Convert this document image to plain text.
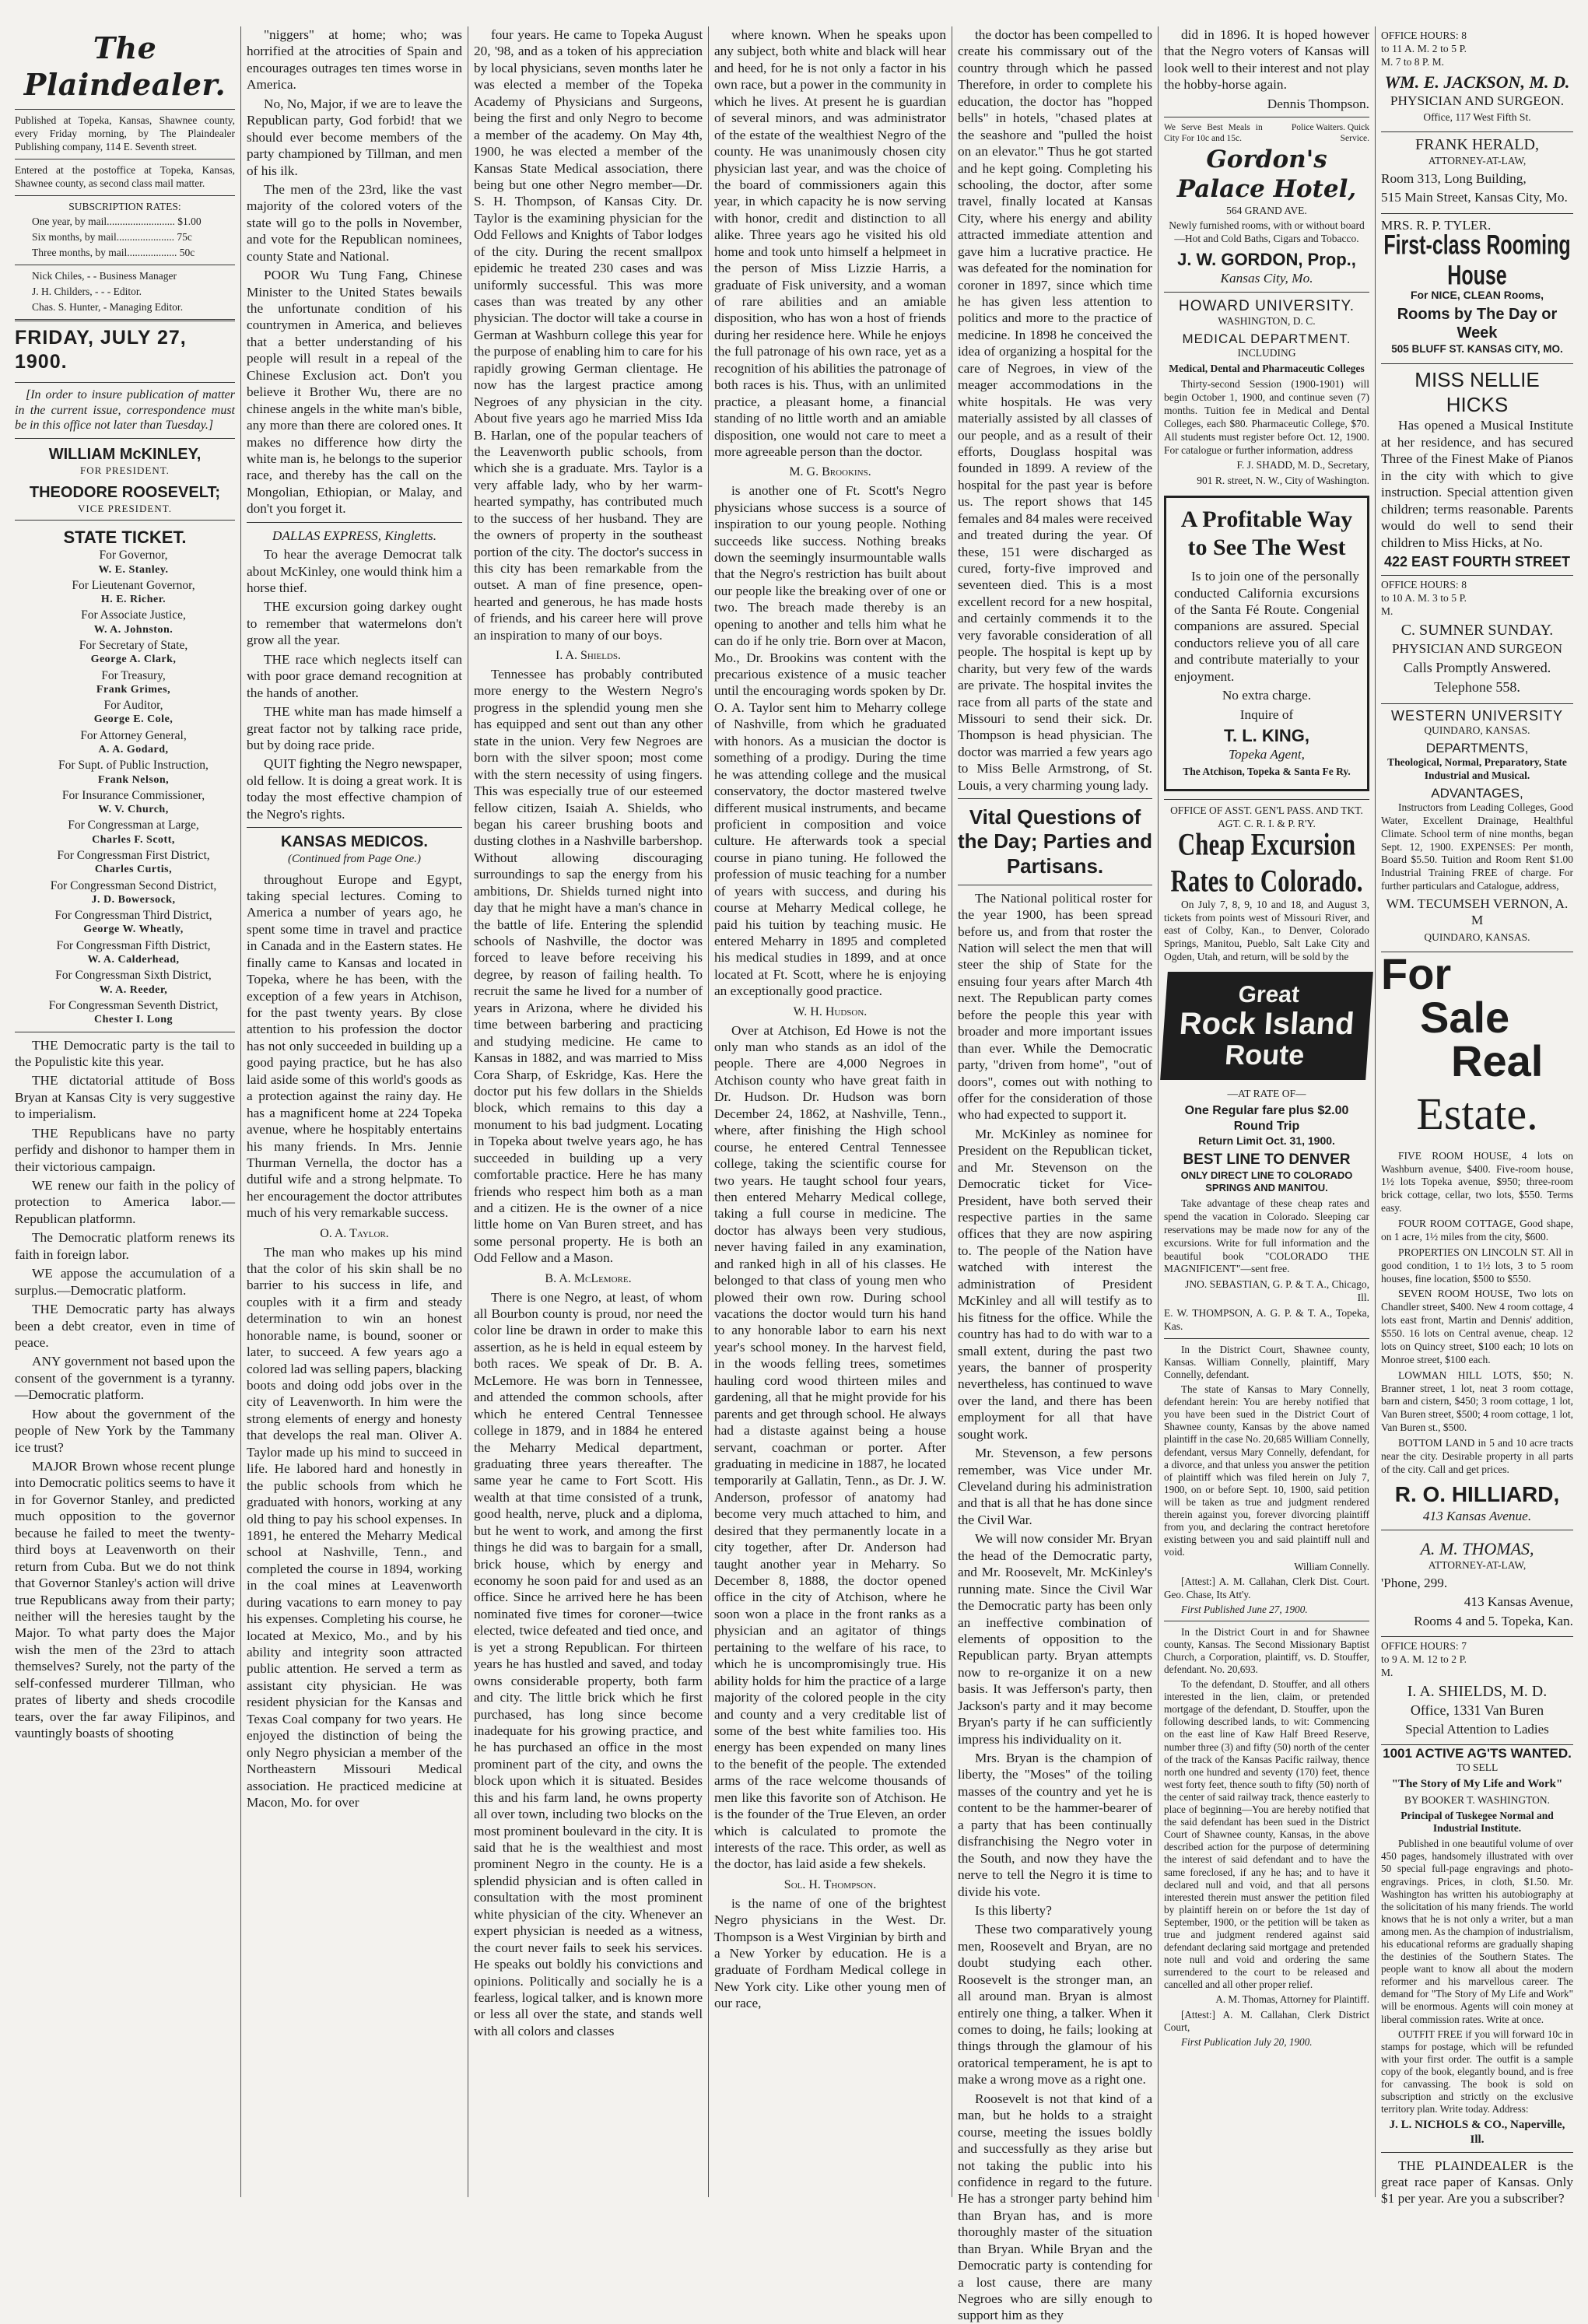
The Plaindealer.

Published at Topeka, Kansas, Shawnee county, every Friday morning, by The Plaindealer Publishing company, 114 E. Seventh street.

Entered at the postoffice at Topeka, Kansas, Shawnee county, as second class mail matter.

SUBSCRIPTION RATES:

One year, by mail.......................... $1.00

Six months, by mail...................... 75c

Three months, by mail................... 50c

Nick Chiles, - - Business Manager

J. H. Childers, - - - Editor.

Chas. S. Hunter, - Managing Editor.

FRIDAY, JULY 27, 1900.

[In order to insure publication of matter in the current issue, correspondence must be in this office not later than Tuesday.]

WILLIAM McKINLEY,
FOR PRESIDENT.
THEODORE ROOSEVELT;
VICE PRESIDENT.
STATE TICKET.

For Governor,

W. E. Stanley.

For Lieutenant Governor,

H. E. Richer.

For Associate Justice,

W. A. Johnston.

For Secretary of State,

George A. Clark,

For Treasury,

Frank Grimes,

For Auditor,

George E. Cole,

For Attorney General,

A. A. Godard,

For Supt. of Public Instruction,

Frank Nelson,

For Insurance Commissioner,

W. V. Church,

For Congressman at Large,

Charles F. Scott,

For Congressman First District,

Charles Curtis,

For Congressman Second District,

J. D. Bowersock,

For Congressman Third District,

George W. Wheatly,

For Congressman Fifth District,

W. A. Calderhead,

For Congressman Sixth District,

W. A. Reeder,

For Congressman Seventh District,

Chester I. Long

THE Democratic party is the tail to the Populistic kite this year.

THE dictatorial attitude of Boss Bryan at Kansas City is very suggestive to imperialism.

THE Republicans have no party perfidy and dishonor to hamper them in their victorious campaign.

WE renew our faith in the policy of protection to America labor.—Republican platformn.

The Democratic platform renews its faith in foreign labor.

WE appose the accumulation of a surplus.—Democratic platform.

THE Democratic party has always been a debt creator, even in time of peace.

ANY government not based upon the consent of the government is a tyranny.—Democratic platform.

How about the government of the people of New York by the Tammany ice trust?

MAJOR Brown whose recent plunge into Democratic politics seems to have it in for Governor Stanley, and predicted much opposition to the governor because he failed to meet the twenty-third boys at Leavenworth on their return from Cuba. But we do not think that Governor Stanley's action will drive true Republicans away from their party; neither will the heresies taught by the Major. To what party does the Major wish the men of the 23rd to attach themselves? Surely, not the party of the self-confessed murderer Tillman, who prates of liberty and sheds crocodile tears, over the far away Filipinos, and vauntingly boasts of shooting

"niggers" at home; who; was horrified at the atrocities of Spain and encourages outrages ten times worse in America.

No, No, Major, if we are to leave the Republican party, God forbid! that we should ever become members of the party championed by Tillman, and men of his ilk.

The men of the 23rd, like the vast majority of the colored voters of the state will go to the polls in November, and vote for the Republican nominees, county State and National.

POOR Wu Tung Fang, Chinese Minister to the United States bewails the unfortunate condition of his countrymen in America, and believes that a better understanding of his people will result in a repeal of the Chinese Exclusion act. Don't you believe it Brother Wu, there are no chinese angels in the white man's bible, any more than there are colored ones. It makes no difference how dirty the white man is, he belongs to the superior race, and thereby has the call on the Mongolian, Ethiopian, or Malay, and don't you forget it.

DALLAS EXPRESS, Kingletts.

To hear the average Democrat talk about McKinley, one would think him a horse thief.

THE excursion going darkey ought to remember that watermelons don't grow all the year.

THE race which neglects itself can with poor grace demand recognition at the hands of another.

THE white man has made himself a great factor not by talking race pride, but by doing race pride.

QUIT fighting the Negro newspaper, old fellow. It is doing a great work. It is today the most effective champion of the Negro's rights.

KANSAS MEDICOS.
(Continued from Page One.)

throughout Europe and Egypt, taking special lectures. Coming to America a number of years ago, he spent some time in travel and practice in Canada and in the Eastern states. He finally came to Kansas and located in Topeka, where he has been, with the exception of a few years in Atchison, for the past twenty years. By close attention to his profession the doctor has not only succeeded in building up a good paying practice, but he has also laid aside some of this world's goods as a protection against the rainy day. He has a magnificent home at 224 Topeka avenue, where he hospitably entertains his many friends. In Mrs. Jennie Thurman Vernella, the doctor has a dutiful wife and a strong helpmate. To her encouragement the doctor attributes much of his very remarkable success.

O. A. Taylor.

The man who makes up his mind that the color of his skin shall be no barrier to his success in life, and couples with it a firm and steady determination to win an honest honorable name, is bound, sooner or later, to succeed. A few years ago a colored lad was selling papers, blacking boots and doing odd jobs over in the city of Leavenworth. In him were the strong elements of energy and honesty that develops the real man. Oliver A. Taylor made up his mind to succeed in life. He labored hard and honestly in the public schools from which he graduated with honors, working at any old thing to pay his school expenses. In 1891, he entered the Meharry Medical school at Nashville, Tenn., and completed the course in 1894, working in the coal mines at Leavenworth during vacations to earn money to pay his expenses. Completing his course, he located at Mexico, Mo., and by his ability and integrity soon attracted public attention. He served a term as assistant city physician. He was resident physician for the Kansas and Texas Coal company for two years. He enjoyed the distinction of being the only Negro physician a member of the Northeastern Missouri Medical association. He practiced medicine at Macon, Mo. for over

four years. He came to Topeka August 20, '98, and as a token of his appreciation by local physicians, seven months later he was elected a member of the Topeka Academy of Physicians and Surgeons, being the first and only Negro to become a member of the academy. On May 4th, 1900, he was elected a member of the Kansas State Medical association, there being but one other Negro member—Dr. S. H. Thompson, of Kansas City. Dr. Taylor is the examining physician for the Odd Fellows and Knights of Tabor lodges of the city. During the recent smallpox epidemic he treated 230 cases and was uniformly successful. This was more cases than was treated by any other physician. The doctor will take a course in German at Washburn college this year for the purpose of enabling him to care for his rapidly growing German clientage. He now has the largest practice among Negroes of any physician in the city. About five years ago he married Miss Ida B. Harlan, one of the popular teachers of the Leavenworth public schools, from which she is a graduate. Mrs. Taylor is a very affable lady, who by her warm-hearted sympathy, has contributed much to the success of her husband. They are the owners of property in the southeast portion of the city. The doctor's success in this city has been remarkable from the outset. A man of fine presence, open-hearted and generous, he has made hosts of friends, and his career here will prove an inspiration to many of our boys.

I. A. Shields.

Tennessee has probably contributed more energy to the Western Negro's progress in the splendid young men she has equipped and sent out than any other state in the union. Very few Negroes are born with the silver spoon; most come with the stern necessity of using fingers. This was especially true of our esteemed fellow citizen, Isaiah A. Shields, who began his career brushing boots and dusting clothes in a Nashville barbershop. Without allowing discouraging surroundings to sap the energy from his ambitions, Dr. Shields turned night into day that he might have a man's chance in the battle of life. Entering the splendid schools of Nashville, the doctor was forced to leave before receiving his degree, by reason of failing health. To recruit the same he lived for a number of years in Arizona, where he divided his time between barbering and practicing and studying medicine. He came to Kansas in 1882, and was married to Miss Cora Sharp, of Eskridge, Kas. Here the doctor put his few dollars in the Shields block, which remains to this day a monument to his bad judgment. Locating in Topeka about twelve years ago, he has succeeded in building up a very comfortable practice. Here he has many friends who respect him both as a man and a citizen. He is the owner of a nice little home on Van Buren street, and has some personal property. He is both an Odd Fellow and a Mason.

B. A. McLemore.

There is one Negro, at least, of whom all Bourbon county is proud, nor need the color line be drawn in order to make this assertion, as he is held in equal esteem by both races. We speak of Dr. B. A. McLemore. He was born in Tennessee, and attended the common schools, after which he entered Central Tennessee college in 1879, and in 1884 he entered the Meharry Medical department, graduating three years thereafter. The same year he came to Fort Scott. His wealth at that time consisted of a trunk, good health, nerve, pluck and a diploma, but he went to work, and among the first things he did was to bargain for a small, brick house, which by energy and economy he soon paid for and used as an office. Since he arrived here he has been nominated five times for coroner—twice elected, twice defeated and tied once, and is yet a strong Republican. For thirteen years he has hustled and saved, and today owns considerable property, both farm and city. The little brick which he first purchased, has long since become inadequate for his growing practice, and he has purchased an office in the most prominent part of the city, and owns the block upon which it is situated. Besides this and his farm land, he owns property all over town, including two blocks on the most prominent boulevard in the city. It is said that he is the wealthiest and most prominent Negro in the county. He is a splendid physician and is often called in consultation with the most prominent white physician of the city. Whenever an expert physician is needed as a witness, the court never fails to seek his services. He speaks out boldly his convictions and opinions. Politically and socially he is a fearless, logical talker, and is known more or less all over the state, and stands well with all colors and classes

where known. When he speaks upon any subject, both white and black will hear and heed, for he is not only a factor in his own race, but a power in the community in which he lives. At present he is guardian of several minors, and was administrator of the estate of the wealthiest Negro of the county. He was unanimously chosen city physician last year, and was the choice of the board of commissioners again this year, in which capacity he is now serving with honor, credit and distinction to all alike. Three years ago he visited his old home and took unto himself a helpmeet in the person of Miss Lizzie Harris, a graduate of Fisk university, and a woman of rare abilities and an amiable disposition, who has won a host of friends during her residence here. While he enjoys the full patronage of his own race, yet as a recognition of his abilities the patronage of both races is his. Thus, with an unlimited practice, a pleasant home, a financial standing of no little worth and an amiable disposition, one would not care to meet a more agreeable person than the doctor.

M. G. Brookins.

is another one of Ft. Scott's Negro physicians whose success is a source of inspiration to our young people. Nothing succeeds like success. Nothing breaks down the seemingly insurmountable walls that the Negro's restriction has built about our people like the breaking over of one or two. The breach made thereby is an opening to another and tells him what he can do if he only trie. Born over at Macon, Mo., Dr. Brookins was content with the precarious existence of a music teacher until the encouraging words spoken by Dr. O. A. Taylor sent him to Meharry college of Nashville, from which he graduated with honors. As a musician the doctor is something of a prodigy. During the time he was attending college and the musical conservatory, the doctor mastered twelve different musical instruments, and became proficient in composition and voice culture. He afterwards took a special course in piano tuning. He followed the profession of music teaching for a number of years with success, and during his course at Meharry Medical college, he paid his tuition by teaching music. He entered Meharry in 1895 and completed his medical studies in 1899, and at once located at Ft. Scott, where he is enjoying an exceptionally good practice.

W. H. Hudson.

Over at Atchison, Ed Howe is not the only man who stands as an idol of the people. There are 4,000 Negroes in Atchison county who have great faith in Dr. Hudson. Dr. Hudson was born December 24, 1862, at Nashville, Tenn., where, after finishing the High school course, he entered Central Tennessee college, taking the scientific course for two years. He taught school four years, then entered Meharry Medical college, taking a full course in medicine. The doctor has always been very studious, never having failed in any examination, and ranked high in all of his classes. He belonged to that class of young men who plowed their own row. During school vacations the doctor would turn his hand to any honorable labor to earn his next year's school money. In the harvest field, in the woods felling trees, sometimes hauling cord wood thirteen miles and gardening, all that he might provide for his parents and get through school. He always had a distaste against being a house servant, coachman or porter. After graduating in medicine in 1887, he located temporarily at Gallatin, Tenn., as Dr. J. W. Anderson, professor of anatomy had become very much attached to him, and desired that they permanently locate in a city together, after Dr. Anderson had taught another year in Meharry. So December 8, 1888, the doctor opened office in the city of Atchison, where he soon won a place in the front ranks as a physician and an agitator of things pertaining to the welfare of his race, to which he is uncompromisingly true. His ability holds for him the practice of a large majority of the colored people in the city and county and a very creditable list of some of the best white families too. His energy has been expended on many lines to the benefit of the people. The extended arms of the race welcome thousands of men like this favorite son of Atchison. He is the founder of the True Eleven, an order which is calculated to promote the interests of the race. This order, as well as the doctor, has laid aside a few shekels.

Sol. H. Thompson.

is the name of one of the brightest Negro physicians in the West. Dr. Thompson is a West Virginian by birth and a New Yorker by education. He is a graduate of Fordham Medical college in New York city. Like other young men of our race,

the doctor has been compelled to create his commissary out of the country through which he passed Therefore, in order to complete his education, the doctor has "hopped bells" in hotels, "chased plates at the seashore and "pulled the hoist on an elevator." Thus he got started and he kept going. Completing his schooling, the doctor, after some travel, finally located at Kansas City, where his energy and ability attracted immediate attention and gave him a lucrative practice. He was defeated for the nomination for coroner in 1897, since which time he has given less attention to politics and more to the practice of medicine. In 1898 he conceived the idea of organizing a hospital for the care of Negroes, in view of the meager accommodations in the white hospitals. He was very materially assisted by all classes of our people, and as a result of their efforts, Douglass hospital was founded in 1899. A review of the hospital for the past year is before us. The report shows that 145 females and 84 males were received and treated during the year. Of these, 151 were discharged as cured, forty-five improved and seventeen died. This is a most excellent record for a new hospital, and certainly commends it to the very favorable consideration of all people. The hospital is kept up by charity, but very few of the wards are private. The hospital invites the race from all parts of the state and Missouri to send their sick. Dr. Thompson is head physician. The doctor was married a few years ago to Miss Belle Armstrong, of St. Louis, a very charming young lady.

Vital Questions of the Day; Parties and Partisans.

The National political roster for the year 1900, has been spread before us, and from that roster the Nation will select the men that will steer the ship of State for the ensuing four years after March 4th next. The Republican party comes before the people this year with broader and more important issues than ever. While the Democratic party, "driven from home", "out of doors", comes out with nothing to offer for the consideration of those who had expected to support it.

Mr. McKinley as nominee for President on the Republican ticket, and Mr. Stevenson on the Democratic ticket for Vice-President, have both served their respective parties in the same offices that they are now aspiring to. The people of the Nation have watched with interest the administration of President McKinley and all will testify as to his fitness for the office. While the country has had to do with war to a small extent, during the past two years, the banner of prosperity nevertheless, has continued to wave over the land, and there has been employment for all that have sought work.

Mr. Stevenson, a few persons remember, was Vice under Mr. Cleveland during his administration and that is all that he has done since the Civil War.

We will now consider Mr. Bryan the head of the Democratic party, and Mr. Roosevelt, Mr. McKinley's running mate. Since the Civil War the Democratic party has been only an ineffective combination of elements of opposition to the Republican party. Bryan attempts now to re-organize it on a new basis. It was Jefferson's party, then Jackson's party and it may become Bryan's party if he can sufficiently impress his individuality on it.

Mrs. Bryan is the champion of liberty, the "Moses" of the toiling masses of the country and yet he is content to be the hammer-bearer of a party that has been continually disfranchising the Negro voter in the South, and now they have the nerve to tell the Negro it is time to divide his vote.

Is this liberty?

These two comparatively young men, Roosevelt and Bryan, are no doubt studying each other. Roosevelt is the stronger man, an all around man. Bryan is almost entirely one thing, a talker. When it comes to doing, he fails; looking at things through the glamour of his oratorical temperament, he is apt to make a wrong move as a right one.

Roosevelt is not that kind of a man, but he holds to a straight course, meeting the issues boldly and successfully as they arise but not taking the public into his confidence in regard to the future. He has a stronger party behind him than Bryan has, and is more thoroughly master of the situation than Bryan. While Bryan and the Democratic party is contending for a lost cause, there are many Negroes who are silly enough to support him as they

did in 1896. It is hoped however that the Negro voters of Kansas will look well to their interest and not play the hobby-horse again.

Dennis Thompson.

We Serve Best Meals in City For 10c and 15c.
Police Waiters. Quick Service.
Gordon's Palace Hotel,

564 GRAND AVE.

Newly furnished rooms, with or without board—Hot and Cold Baths, Cigars and Tobacco.

J. W. GORDON, Prop.,

Kansas City, Mo.

HOWARD UNIVERSITY.

WASHINGTON, D. C.

MEDICAL DEPARTMENT.

INCLUDING

Medical, Dental and Pharmaceutic Colleges

Thirty-second Session (1900-1901) will begin October 1, 1900, and continue seven (7) months. Tuition fee in Medical and Dental Colleges, each $80. Pharmaceutic College, $70. All students must register before Oct. 12, 1900. For catalogue or further information, address

F. J. SHADD, M. D., Secretary,

901 R. street, N. W., City of Washington.

A Profitable Way to See The West

Is to join one of the personally conducted California excursions of the Santa Fé Route. Congenial companions are assured. Special conductors relieve you of all care and contribute materially to your enjoyment.

No extra charge.

Inquire of

T. L. KING,

Topeka Agent,

The Atchison, Topeka & Santa Fe Ry.

OFFICE OF ASST. GEN'L PASS. AND TKT. AGT. C. R. I. & P. R'Y.

Cheap Excursion Rates to Colorado.

On July 7, 8, 9, 10 and 18, and August 3, tickets from points west of Missouri River, and east of Colby, Kan., to Denver, Colorado Springs, Manitou, Pueblo, Salt Lake City and Ogden, Utah, and return, will be sold by the

Great
Rock Island
Route

—AT RATE OF—

One Regular fare plus $2.00 Round Trip
Return Limit Oct. 31, 1900.
BEST LINE TO DENVER
ONLY DIRECT LINE TO COLORADO SPRINGS AND MANITOU.

Take advantage of these cheap rates and spend the vacation in Colorado. Sleeping car reservations may be made now for any of the excursions. Write for full information and the beautiful book "COLORADO THE MAGNIFICENT"—sent free.

JNO. SEBASTIAN, G. P. & T. A., Chicago, Ill.

E. W. THOMPSON, A. G. P. & T. A., Topeka, Kas.

In the District Court, Shawnee county, Kansas. William Connelly, plaintiff, Mary Connelly, defendant.

The state of Kansas to Mary Connelly, defendant herein: You are hereby notified that you have been sued in the District Court of Shawnee county, Kansas by the above named plaintiff in the case No. 20,685 William Connelly, defendant, versus Mary Connelly, defendant, for a divorce, and that unless you answer the petition of plaintiff which was filed herein on July 7, 1900, on or before Sept. 10, 1900, said petition will be taken as true and judgment rendered therein against you, forever divorcing plaintiff from you, and declaring the contract heretofore existing between you and said plaintiff null and void.

William Connelly.

[Attest:] A. M. Callahan, Clerk Dist. Court. Geo. Chase, Its Att'y.

First Published June 27, 1900.

In the District Court in and for Shawnee county, Kansas. The Second Missionary Baptist Church, a Corporation, plaintiff, vs. D. Stouffer, defendant. No. 20,693.

To the defendant, D. Stouffer, and all others interested in the lien, claim, or pretended mortgage of the defendant, D. Stouffer, upon the following described lands, to wit: Commencing on the east line of Kaw Half Breed Reserve, number three (3) and fifty (50) north of the center of the track of the Kansas Pacific railway, thence north one hundred and seventy (170) feet, thence west forty feet, thence south to fifty (50) north of the center of said railway track, thence easterly to place of beginning—You are hereby notified that the said defendant has been sued in the District Court of Shawnee county, Kansas, in the above described action for the purpose of determining the interest of said defendant and to have the same foreclosed, if any he has; and to have it declared null and void, and that all persons interested therein must answer the petition filed by plaintiff herein on or before the 1st day of September, 1900, or the petition will be taken as true and judgment rendered against said defendant declaring said mortgage and pretended note null and void and ordering the same surrendered to the court to be released and cancelled and all other proper relief.

A. M. Thomas, Attorney for Plaintiff.

[Attest:] A. M. Callahan, Clerk District Court,

First Publication July 20, 1900.

OFFICE HOURS: 8 to 11 A. M. 2 to 5 P. M. 7 to 8 P. M.

WM. E. JACKSON, M. D.

PHYSICIAN AND SURGEON.

Office, 117 West Fifth St.

FRANK HERALD,

ATTORNEY-AT-LAW,

Room 313, Long Building,

515 Main Street, Kansas City, Mo.

MRS. R. P. TYLER.

First-class Rooming House

For NICE, CLEAN Rooms,

Rooms by The Day or Week

505 BLUFF ST. KANSAS CITY, MO.

MISS NELLIE HICKS

Has opened a Musical Institute at her residence, and has secured Three of the Finest Make of Pianos in the city with which to give instruction. Special attention given children; terms reasonable. Parents would do well to send their children to Miss Hicks, at No.

422 EAST FOURTH STREET

OFFICE HOURS: 8 to 10 A. M. 3 to 5 P. M.

C. SUMNER SUNDAY.

PHYSICIAN AND SURGEON

Calls Promptly Answered.

Telephone 558.

WESTERN UNIVERSITY

QUINDARO, KANSAS.

DEPARTMENTS,

Theological, Normal, Preparatory, State Industrial and Musical.

ADVANTAGES,

Instructors from Leading Colleges, Good Water, Excellent Drainage, Healthful Climate. School term of nine months, began Sept. 12, 1900. EXPENSES: Per month, Board $5.50. Tuition and Room Rent $1.00 Industrial Training FREE of charge. For further particulars and Catalogue, address,

WM. TECUMSEH VERNON, A. M

QUINDARO, KANSAS.

For
Sale
Real
Estate.

FIVE ROOM HOUSE, 4 lots on Washburn avenue, $400. Five-room house, 1½ lots Topeka avenue, $950; three-room brick cottage, cellar, two lots, $550. Terms easy.

FOUR ROOM COTTAGE, Good shape, on 1 acre, 1½ miles from the city, $600.

PROPERTIES ON LINCOLN ST. All in good condition, 1 to 1½ lots, 3 to 5 room houses, fine location, $500 to $550.

SEVEN ROOM HOUSE, Two lots on Chandler street, $400. New 4 room cottage, 4 lots east front, Martin and Dennis' addition, $550. 16 lots on Central avenue, cheap. 12 lots on Quincy street, $100 each; 10 lots on Monroe street, $100 each.

LOWMAN HILL LOTS, $50; N. Branner street, 1 lot, neat 3 room cottage, barn and cistern, $450; 3 room cottage, 1 lot, Van Buren street, $500; 4 room cottage, 1 lot, Van Buren st., $500.

BOTTOM LAND in 5 and 10 acre tracts near the city. Desirable property in all parts of the city. Call and get prices.

R. O. HILLIARD,

413 Kansas Avenue.

A. M. THOMAS,

ATTORNEY-AT-LAW,

'Phone, 299.

413 Kansas Avenue,

Rooms 4 and 5. Topeka, Kan.

OFFICE HOURS: 7 to 9 A. M. 12 to 2 P. M.

I. A. SHIELDS, M. D.

Office, 1331 Van Buren

Special Attention to Ladies

1001 ACTIVE AG'TS WANTED.

TO SELL

"The Story of My Life and Work"

BY BOOKER T. WASHINGTON.

Principal of Tuskegee Normal and Industrial Institute.

Published in one beautiful volume of over 450 pages, handsomely illustrated with over 50 special full-page engravings and photo-engravings. Prices, in cloth, $1.50. Mr. Washington has written his autobiography at the solicitation of his many friends. The world knows that he is not only a writer, but a man among men. As the champion of industrialism, his educational reforms are gradually shaping the destinies of the Southern States. The people want to know all about the modern reformer and his marvellous career. The demand for "The Story of My Life and Work" will be enormous. Agents will coin money at liberal commission rates. Write at once.

OUTFIT FREE if you will forward 10c in stamps for postage, which will be refunded with your first order. The outfit is a sample copy of the book, elegantly bound, and is free for canvassing. The book is sold on subscription and strictly on the exclusive territory plan. Write today. Address:

J. L. NICHOLS & CO., Naperville, Ill.

THE PLAINDEALER is the great race paper of Kansas. Only $1 per year. Are you a subscriber?
